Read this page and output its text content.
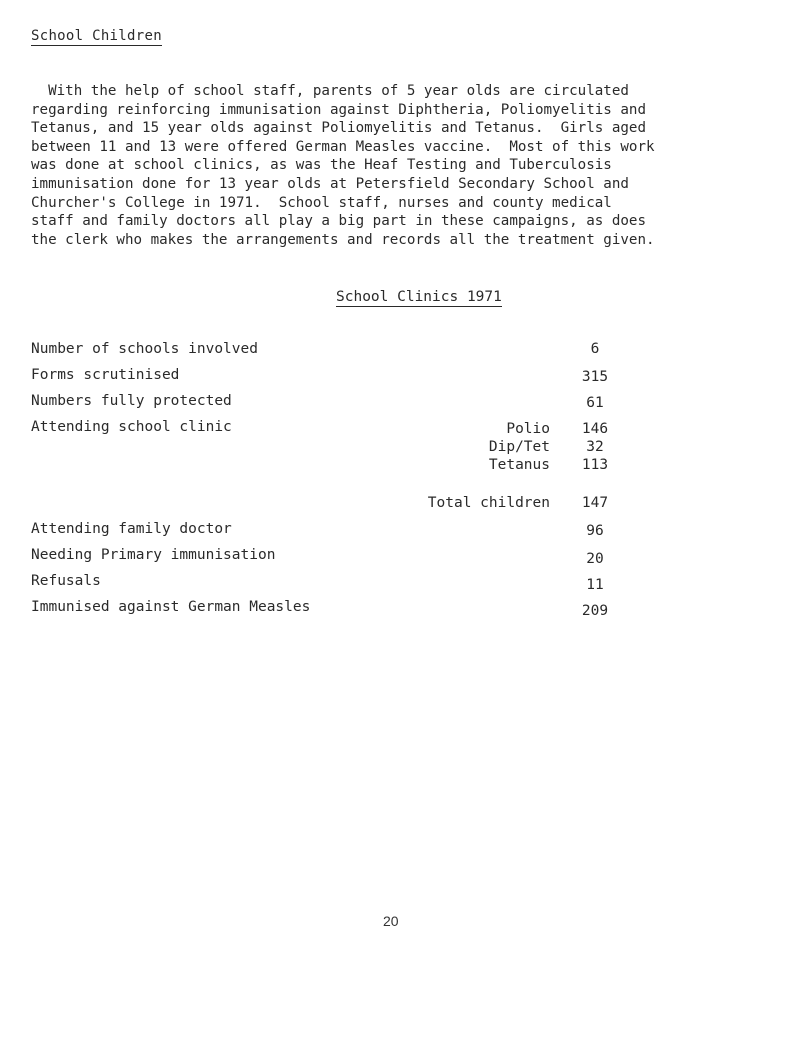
School Children
With the help of school staff, parents of 5 year olds are circulated
regarding reinforcing immunisation against Diphtheria, Poliomyelitis and
Tetanus, and 15 year olds against Poliomyelitis and Tetanus.  Girls aged
between 11 and 13 were offered German Measles vaccine.  Most of this work
was done at school clinics, as was the Heaf Testing and Tuberculosis
immunisation done for 13 year olds at Petersfield Secondary School and
Churcher's College in 1971.  School staff, nurses and county medical
staff and family doctors all play a big part in these campaigns, as does
the clerk who makes the arrangements and records all the treatment given.
School Clinics 1971
Number of schools involved	6
Forms scrutinised	315
Numbers fully protected	61
Attending school clinic	Polio	146
Dip/Tet	32
Tetanus	113
Total children	147
Attending family doctor	96
Needing Primary immunisation	20
Refusals	11
Immunised against German Measles	209
20
